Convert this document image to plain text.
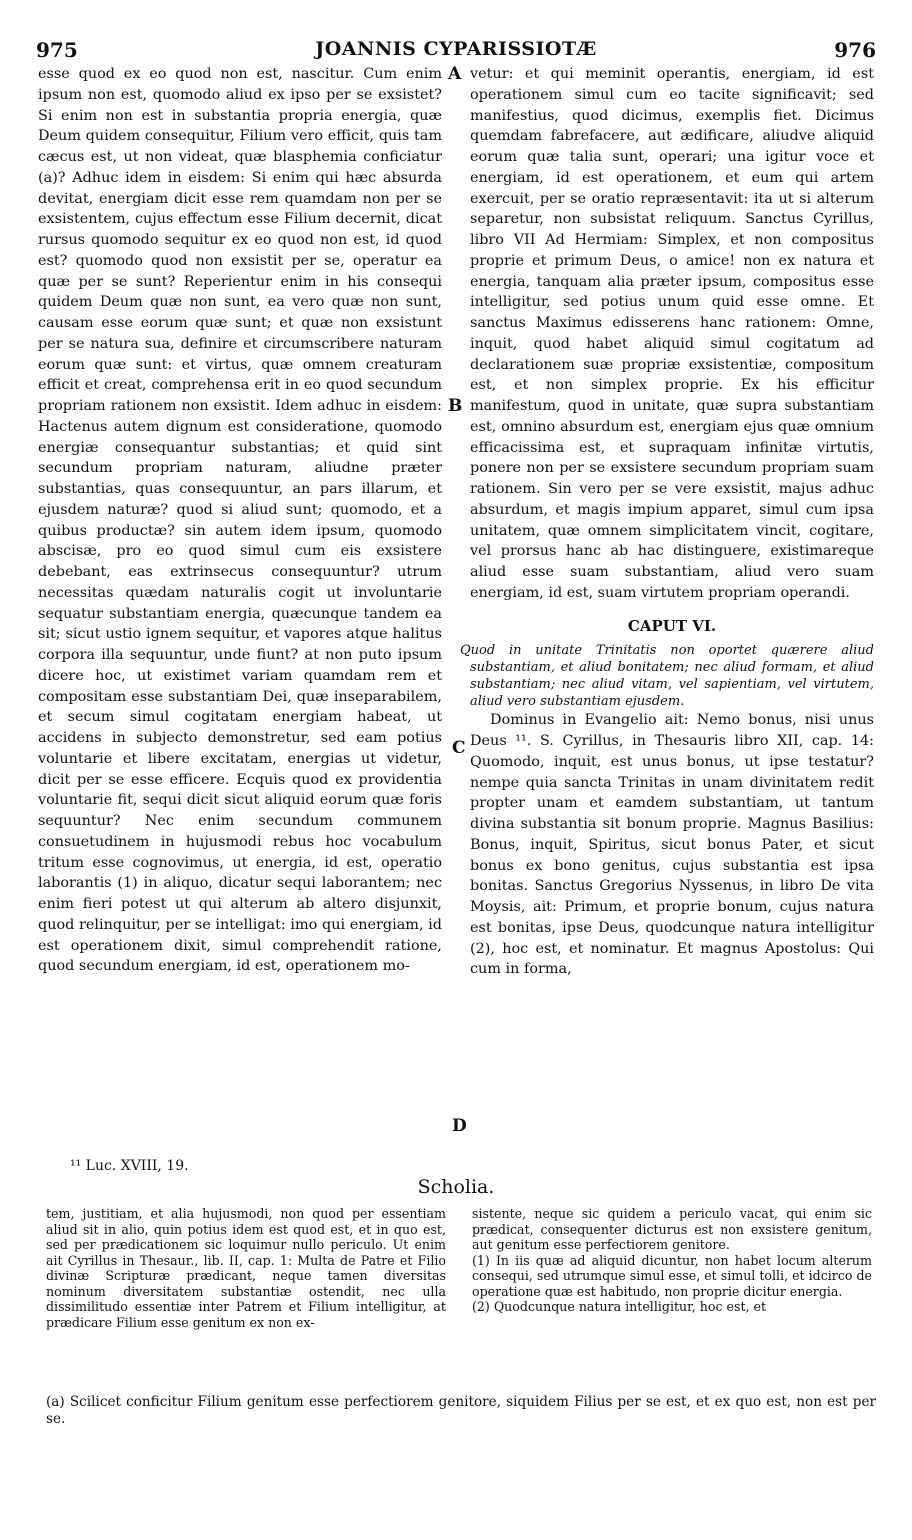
975	JOANNIS CYPARISSIOTÆ	976
A
B
C
D

esse quod ex eo quod non est, nascitur. Cum enim ipsum non est, quomodo aliud ex ipso per se exsistet? Si enim non est in substantia propria energia, quæ Deum quidem consequitur, Filium vero efficit, quis tam cæcus est, ut non videat, quæ blasphemia conficiatur (a)? Adhuc idem in eisdem: Si enim qui hæc absurda devitat, energiam dicit esse rem quamdam non per se exsistentem, cujus effectum esse Filium decernit, dicat rursus quomodo sequitur ex eo quod non est, id quod est? quomodo quod non exsistit per se, operatur ea quæ per se sunt? Reperientur enim in his consequi quidem Deum quæ non sunt, ea vero quæ non sunt, causam esse eorum quæ sunt; et quæ non exsistunt per se natura sua, definire et circumscribere naturam eorum quæ sunt: et virtus, quæ omnem creaturam efficit et creat, comprehensa erit in eo quod secundum propriam rationem non exsistit. Idem adhuc in eisdem: Hactenus autem dignum est consideratione, quomodo energiæ consequantur substantias; et quid sint secundum propriam naturam, aliudne præter substantias, quas consequuntur, an pars illarum, et ejusdem naturæ? quod si aliud sunt; quomodo, et a quibus productæ? sin autem idem ipsum, quomodo abscisæ, pro eo quod simul cum eis exsistere debebant, eas extrinsecus consequuntur? utrum necessitas quædam naturalis cogit ut involuntarie sequatur substantiam energia, quæcunque tandem ea sit; sicut ustio ignem sequitur, et vapores atque halitus corpora illa sequuntur, unde fiunt? at non puto ipsum dicere hoc, ut existimet variam quamdam rem et compositam esse substantiam Dei, quæ inseparabilem, et secum simul cogitatam energiam habeat, ut accidens in subjecto demonstretur, sed eam potius voluntarie et libere excitatam, energias ut videtur, dicit per se esse efficere. Ecquis quod ex providentia voluntarie fit, sequi dicit sicut aliquid eorum quæ foris sequuntur? Nec enim secundum communem consuetudinem in hujusmodi rebus hoc vocabulum tritum esse cognovimus, ut energia, id est, operatio laborantis (1) in aliquo, dicatur sequi laborantem; nec enim fieri potest ut qui alterum ab altero disjunxit, quod relinquitur, per se intelligat: imo qui energiam, id est operationem dixit, simul comprehendit ratione, quod secundum energiam, id est, operationem mo-

vetur: et qui meminit operantis, energiam, id est operationem simul cum eo tacite significavit; sed manifestius, quod dicimus, exemplis fiet. Dicimus quemdam fabrefacere, aut ædificare, aliudve aliquid eorum quæ talia sunt, operari; una igitur voce et energiam, id est operationem, et eum qui artem exercuit, per se oratio repræsentavit: ita ut si alterum separetur, non subsistat reliquum. Sanctus Cyrillus, libro VII Ad Hermiam: Simplex, et non compositus proprie et primum Deus, o amice! non ex natura et energia, tanquam alia præter ipsum, compositus esse intelligitur, sed potius unum quid esse omne. Et sanctus Maximus edisserens hanc rationem: Omne, inquit, quod habet aliquid simul cogitatum ad declarationem suæ propriæ exsistentiæ, compositum est, et non simplex proprie. Ex his efficitur manifestum, quod in unitate, quæ supra substantiam est, omnino absurdum est, energiam ejus quæ omnium efficacissima est, et supraquam infinitæ virtutis, ponere non per se exsistere secundum propriam suam rationem. Sin vero per se vere exsistit, majus adhuc absurdum, et magis impium apparet, simul cum ipsa unitatem, quæ omnem simplicitatem vincit, cogitare, vel prorsus hanc ab hac distinguere, existimareque aliud esse suam substantiam, aliud vero suam energiam, id est, suam virtutem propriam operandi.

CAPUT VI.

Quod in unitate Trinitatis non oportet quærere aliud substantiam, et aliud bonitatem; nec aliud formam, et aliud substantiam; nec aliud vitam, vel sapientiam, vel virtutem, aliud vero substantiam ejusdem.

Dominus in Evangelio ait: Nemo bonus, nisi unus Deus ¹¹. S. Cyrillus, in Thesauris libro XII, cap. 14: Quomodo, inquit, est unus bonus, ut ipse testatur? nempe quia sancta Trinitas in unam divinitatem redit propter unam et eamdem substantiam, ut tantum divina substantia sit bonum proprie. Magnus Basilius: Bonus, inquit, Spiritus, sicut bonus Pater, et sicut bonus ex bono genitus, cujus substantia est ipsa bonitas. Sanctus Gregorius Nyssenus, in libro De vita Moysis, ait: Primum, et proprie bonum, cujus natura est bonitas, ipse Deus, quodcunque natura intelligitur (2), hoc est, et nominatur. Et magnus Apostolus: Qui cum in forma,

¹¹ Luc. XVIII, 19.
Scholia.

tem, justitiam, et alia hujusmodi, non quod per essentiam aliud sit in alio, quin potius idem est quod est, et in quo est, sed per prædicationem sic loquimur nullo periculo. Ut enim ait Cyrillus in Thesaur., lib. II, cap. 1: Multa de Patre et Filio divinæ Scripturæ prædicant, neque tamen diversitas nominum diversitatem substantiæ ostendit, nec ulla dissimilitudo essentiæ inter Patrem et Filium intelligitur, at prædicare Filium esse genitum ex non ex-

sistente, neque sic quidem a periculo vacat, qui enim sic prædicat, consequenter dicturus est non exsistere genitum, aut genitum esse perfectiorem genitore.

(1) In iis quæ ad aliquid dicuntur, non habet locum alterum consequi, sed utrumque simul esse, et simul tolli, et idcirco de operatione quæ est habitudo, non proprie dicitur energia.

(2) Quodcunque natura intelligitur, hoc est, et

(a) Scilicet conficitur Filium genitum esse perfectiorem genitore, siquidem Filius per se est, et ex quo est, non est per se.
